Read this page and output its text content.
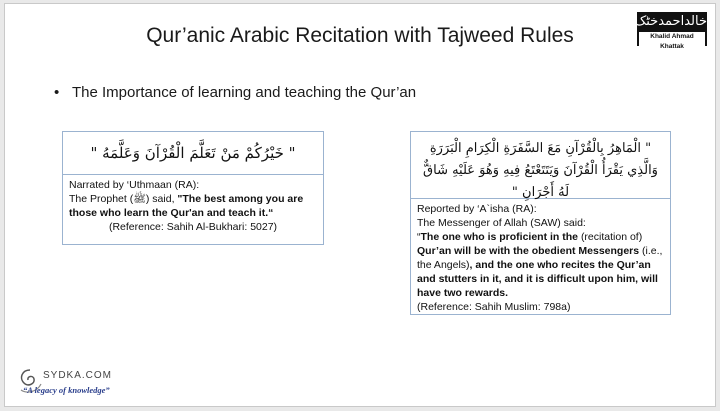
Qur’anic Arabic Recitation with Tajweed Rules
خالداحمدخٹک
Khalid Ahmad Khattak
• The Importance of learning and teaching the Qur’an
" خَيْرُكُمْ مَنْ تَعَلَّمَ الْقُرْآنَ وَعَلَّمَهُ "
Narrated by ‘Uthmaan (RA):
The Prophet (ﷺ) said, "The best among you are those who learn the Qur'an and teach it.“
(Reference: Sahih Al-Bukhari: 5027)
" الْمَاهِرُ بِالْقُرْآنِ مَعَ السَّفَرَةِ الْكِرَامِ الْبَرَرَةِ وَالَّذِي يَقْرَأُ الْقُرْآنَ وَيَتَتَعْتَعُ فِيهِ وَهُوَ عَلَيْهِ شَاقٌّ لَهُ أَجْرَانِ "
Reported by ‘A`isha (RA):
The Messenger of Allah (SAW) said:
“The one who is proficient in the (recitation of) Qur’an will be with the obedient Messengers (i.e., the Angels), and the one who recites the Qur’an and stutters in it, and it is difficult upon him, will have two rewards.
(Reference: Sahih Muslim: 798a)
SYDKA.COM
“A legacy of knowledge”
